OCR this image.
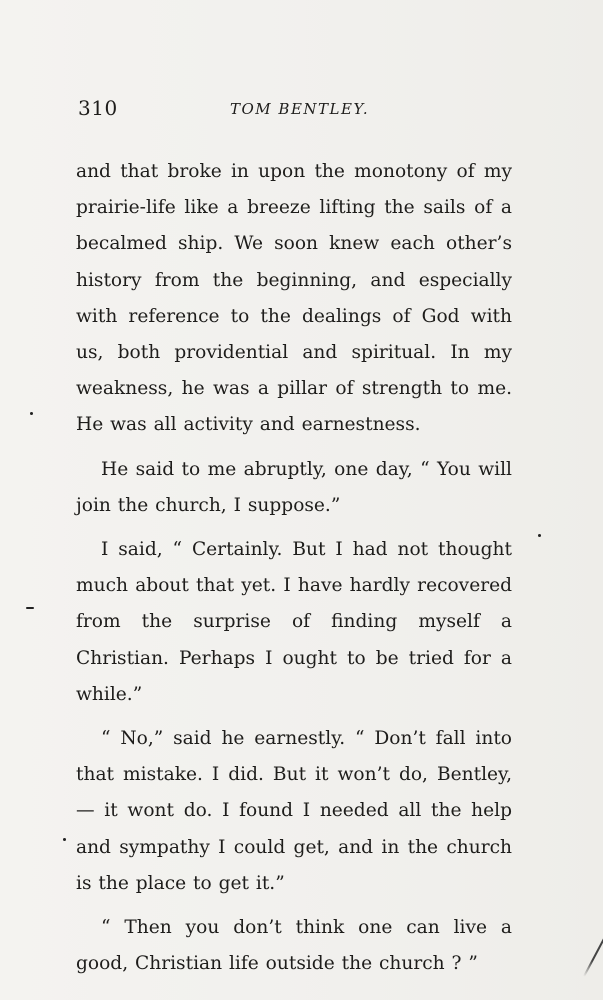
310	TOM BENTLEY.

and that broke in upon the monotony of my prairie-life like a breeze lifting the sails of a becalmed ship. We soon knew each other’s history from the beginning, and especially with reference to the dealings of God with us, both providential and spiritual. In my weakness, he was a pillar of strength to me. He was all activity and earnestness.

He said to me abruptly, one day, “ You will join the church, I suppose.”

I said, “ Certainly. But I had not thought much about that yet. I have hardly recovered from the surprise of finding myself a Christian. Perhaps I ought to be tried for a while.”

“ No,” said he earnestly. “ Don’t fall into that mistake. I did. But it won’t do, Bentley, — it wont do. I found I needed all the help and sympathy I could get, and in the church is the place to get it.”

“ Then you don’t think one can live a good, Christian life outside the church ? ”
